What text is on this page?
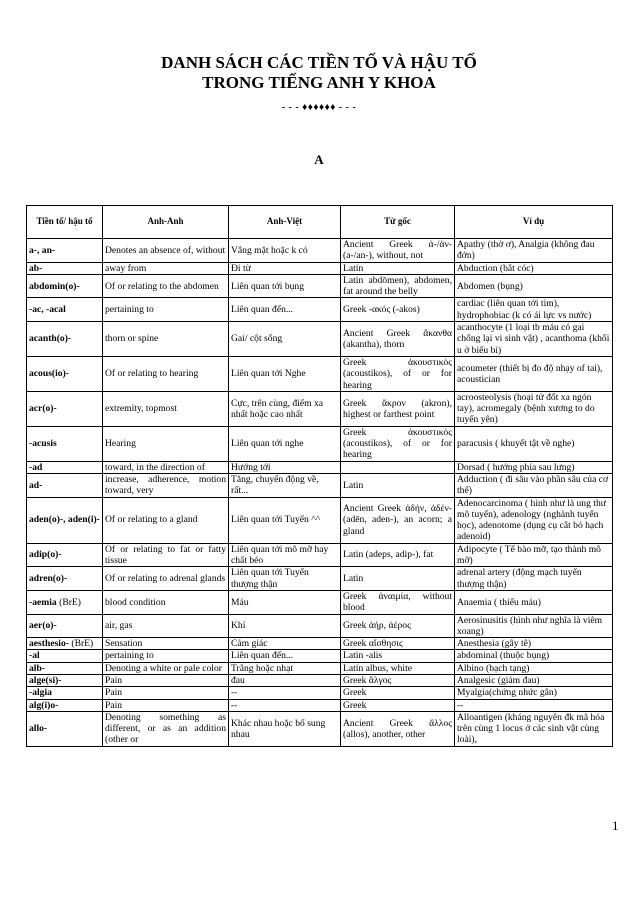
DANH SÁCH CÁC TIỀN TỐ VÀ HẬU TỐ
TRONG TIẾNG ANH Y KHOA
- - - ♦♦♦♦♦♦ - - -
A
Tiền tố/ hậu tố	Anh-Anh	Anh-Việt	Từ gốc	Ví dụ
a-, an-	Denotes an absence of, without	Vắng mặt hoặc k có	Ancient Greek ἀ-/ἀν- (a-/an-), without, not	Apathy (thờ ơ), Analgia (không đau đớn)
ab-	away from	Đi từ	Latin	Abduction (bắt cóc)
abdomin(o)-	Of or relating to the abdomen	Liên quan tới bụng	Latin abdōmen), abdomen, fat around the belly	Abdomen (bụng)
-ac, -acal	pertaining to	Liên quan đến...	Greek -ακός (-akos)	cardiac (liên quan tới tim), hydrophobiac (k có ái lực vs nước)
acanth(o)-	thorn or spine	Gai/ cột sống	Ancient Greek ἄκανθα (akantha), thorn	acanthocyte (1 loại tb máu có gai chống lại vi sinh vật) , acanthoma (khối u ở biểu bì)
acous(io)-	Of or relating to hearing	Liên quan tới Nghe	Greek ἀκουστικός (acoustikos), of or for hearing	acoumeter (thiết bị đo độ nhạy of tai), acoustician
acr(o)-	extremity, topmost	Cực, trên cùng, điểm xa nhất hoặc cao nhất	Greek ἄκρον (akron), highest or farthest point	acroosteolysis (hoại tử đốt xa ngón tay), acromegaly (bệnh xương to do tuyến yên)
-acusis	Hearing	Liên quan tới nghe	Greek ἀκουστικός (acoustikos), of or for hearing	paracusis ( khuyết tật về nghe)
-ad	toward, in the direction of	Hướng tới		Dorsad ( hướng phía sau lưng)
ad-	increase, adherence, motion toward, very	Tăng, chuyển động về, rất...	Latin	Adduction ( đi sâu vào phần sâu của cơ thể)
aden(o)-, aden(i)-	Of or relating to a gland	Liên quan tới Tuyến ^^	Ancient Greek ἀδήν, ἀδέν- (adēn, aden-), an acorn; a gland	Adenocarcinoma ( hình như là ung thư mô tuyến), adenology (nghành tuyến học), adenotome (dụng cụ cắt bỏ hạch adenoid)
adip(o)-	Of or relating to fat or fatty tissue	Liên quan tới mô mỡ hay chất béo	Latin (adeps, adip-), fat	Adipocyte ( Tế bào mỡ, tạo thành mô mỡ)
adren(o)-	Of or relating to adrenal glands	Liên quan tới Tuyến thượng thận	Latin	adrenal artery (động mạch tuyến thượng thận)
-aemia (BrE)	blood condition	Máu	Greek ἀναιμία, without blood	Anaemia ( thiếu máu)
aer(o)-	air, gas	Khí	Greek ἀήρ, ἀέρος	Aerosinusitis (hình như nghĩa là viêm xoang)
aesthesio- (BrE)	Sensation	Cảm giác	Greek αἴσθησις	Anesthesia (gây tê)
-al	pertaining to	Liên quan đến...	Latin -alis	abdominal (thuộc bụng)
alb-	Denoting a white or pale color	Trắng hoặc nhạt	Latin albus, white	Albino (bạch tạng)
alge(si)-	Pain	đau	Greek ἄλγος	Analgesic (giảm đau)
-algia	Pain	--	Greek	Myalgia(chứng nhức gân)
alg(i)o-	Pain	--	Greek	--
allo-	Denoting something as different, or as an addition (other or	Khác nhau hoặc bổ sung nhau	Ancient Greek ἄλλος (allos), another, other	Alloantigen (kháng nguyên đk mã hóa trên cùng 1 locus ở các sinh vật cùng loài),
1
